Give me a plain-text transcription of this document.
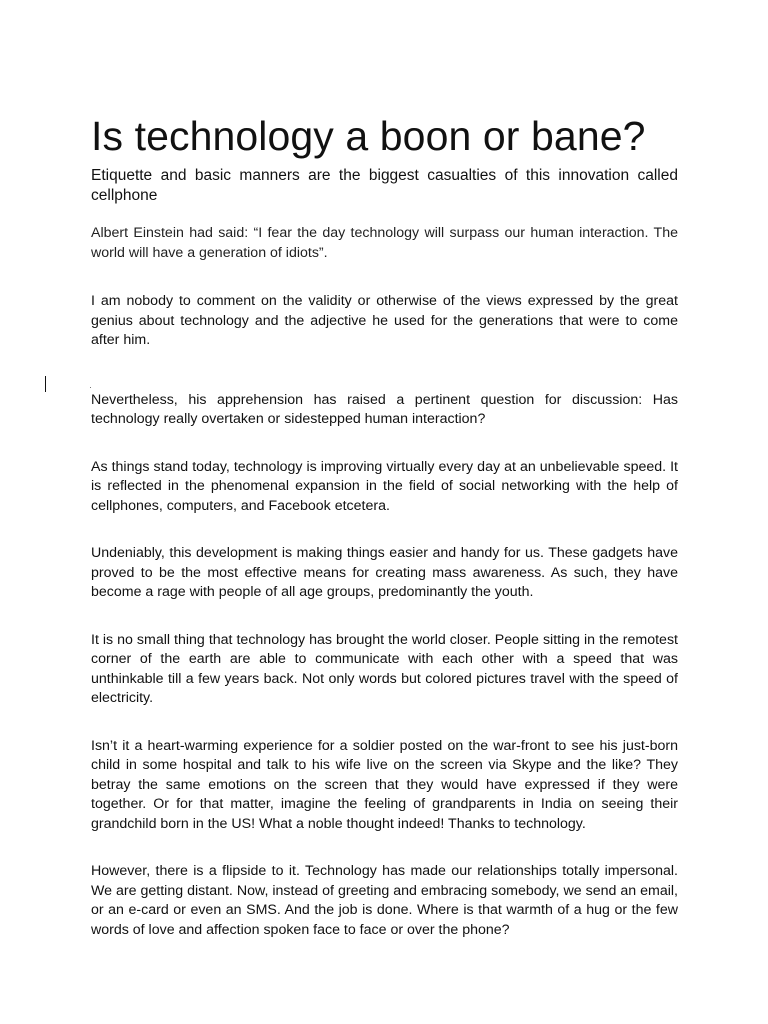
Is technology a boon or bane?

Etiquette and basic manners are the biggest casualties of this innovation called cellphone

Albert Einstein had said: “I fear the day technology will surpass our human interaction. The world will have a generation of idiots”.

I am nobody to comment on the validity or otherwise of the views expressed by the great genius about technology and the adjective he used for the generations that were to come after him.

Nevertheless, his apprehension has raised a pertinent question for discussion: Has technology really overtaken or sidestepped human interaction?

As things stand today, technology is improving virtually every day at an unbelievable speed. It is reflected in the phenomenal expansion in the field of social networking with the help of cellphones, computers, and Facebook etcetera.

Undeniably, this development is making things easier and handy for us. These gadgets have proved to be the most effective means for creating mass awareness. As such, they have become a rage with people of all age groups, predominantly the youth.

It is no small thing that technology has brought the world closer. People sitting in the remotest corner of the earth are able to communicate with each other with a speed that was unthinkable till a few years back. Not only words but colored pictures travel with the speed of electricity.

Isn’t it a heart-warming experience for a soldier posted on the war-front to see his just-born child in some hospital and talk to his wife live on the screen via Skype and the like? They betray the same emotions on the screen that they would have expressed if they were together. Or for that matter, imagine the feeling of grandparents in India on seeing their grandchild born in the US! What a noble thought indeed! Thanks to technology.

However, there is a flipside to it. Technology has made our relationships totally impersonal. We are getting distant. Now, instead of greeting and embracing somebody, we send an email, or an e-card or even an SMS. And the job is done. Where is that warmth of a hug or the few words of love and affection spoken face to face or over the phone?
